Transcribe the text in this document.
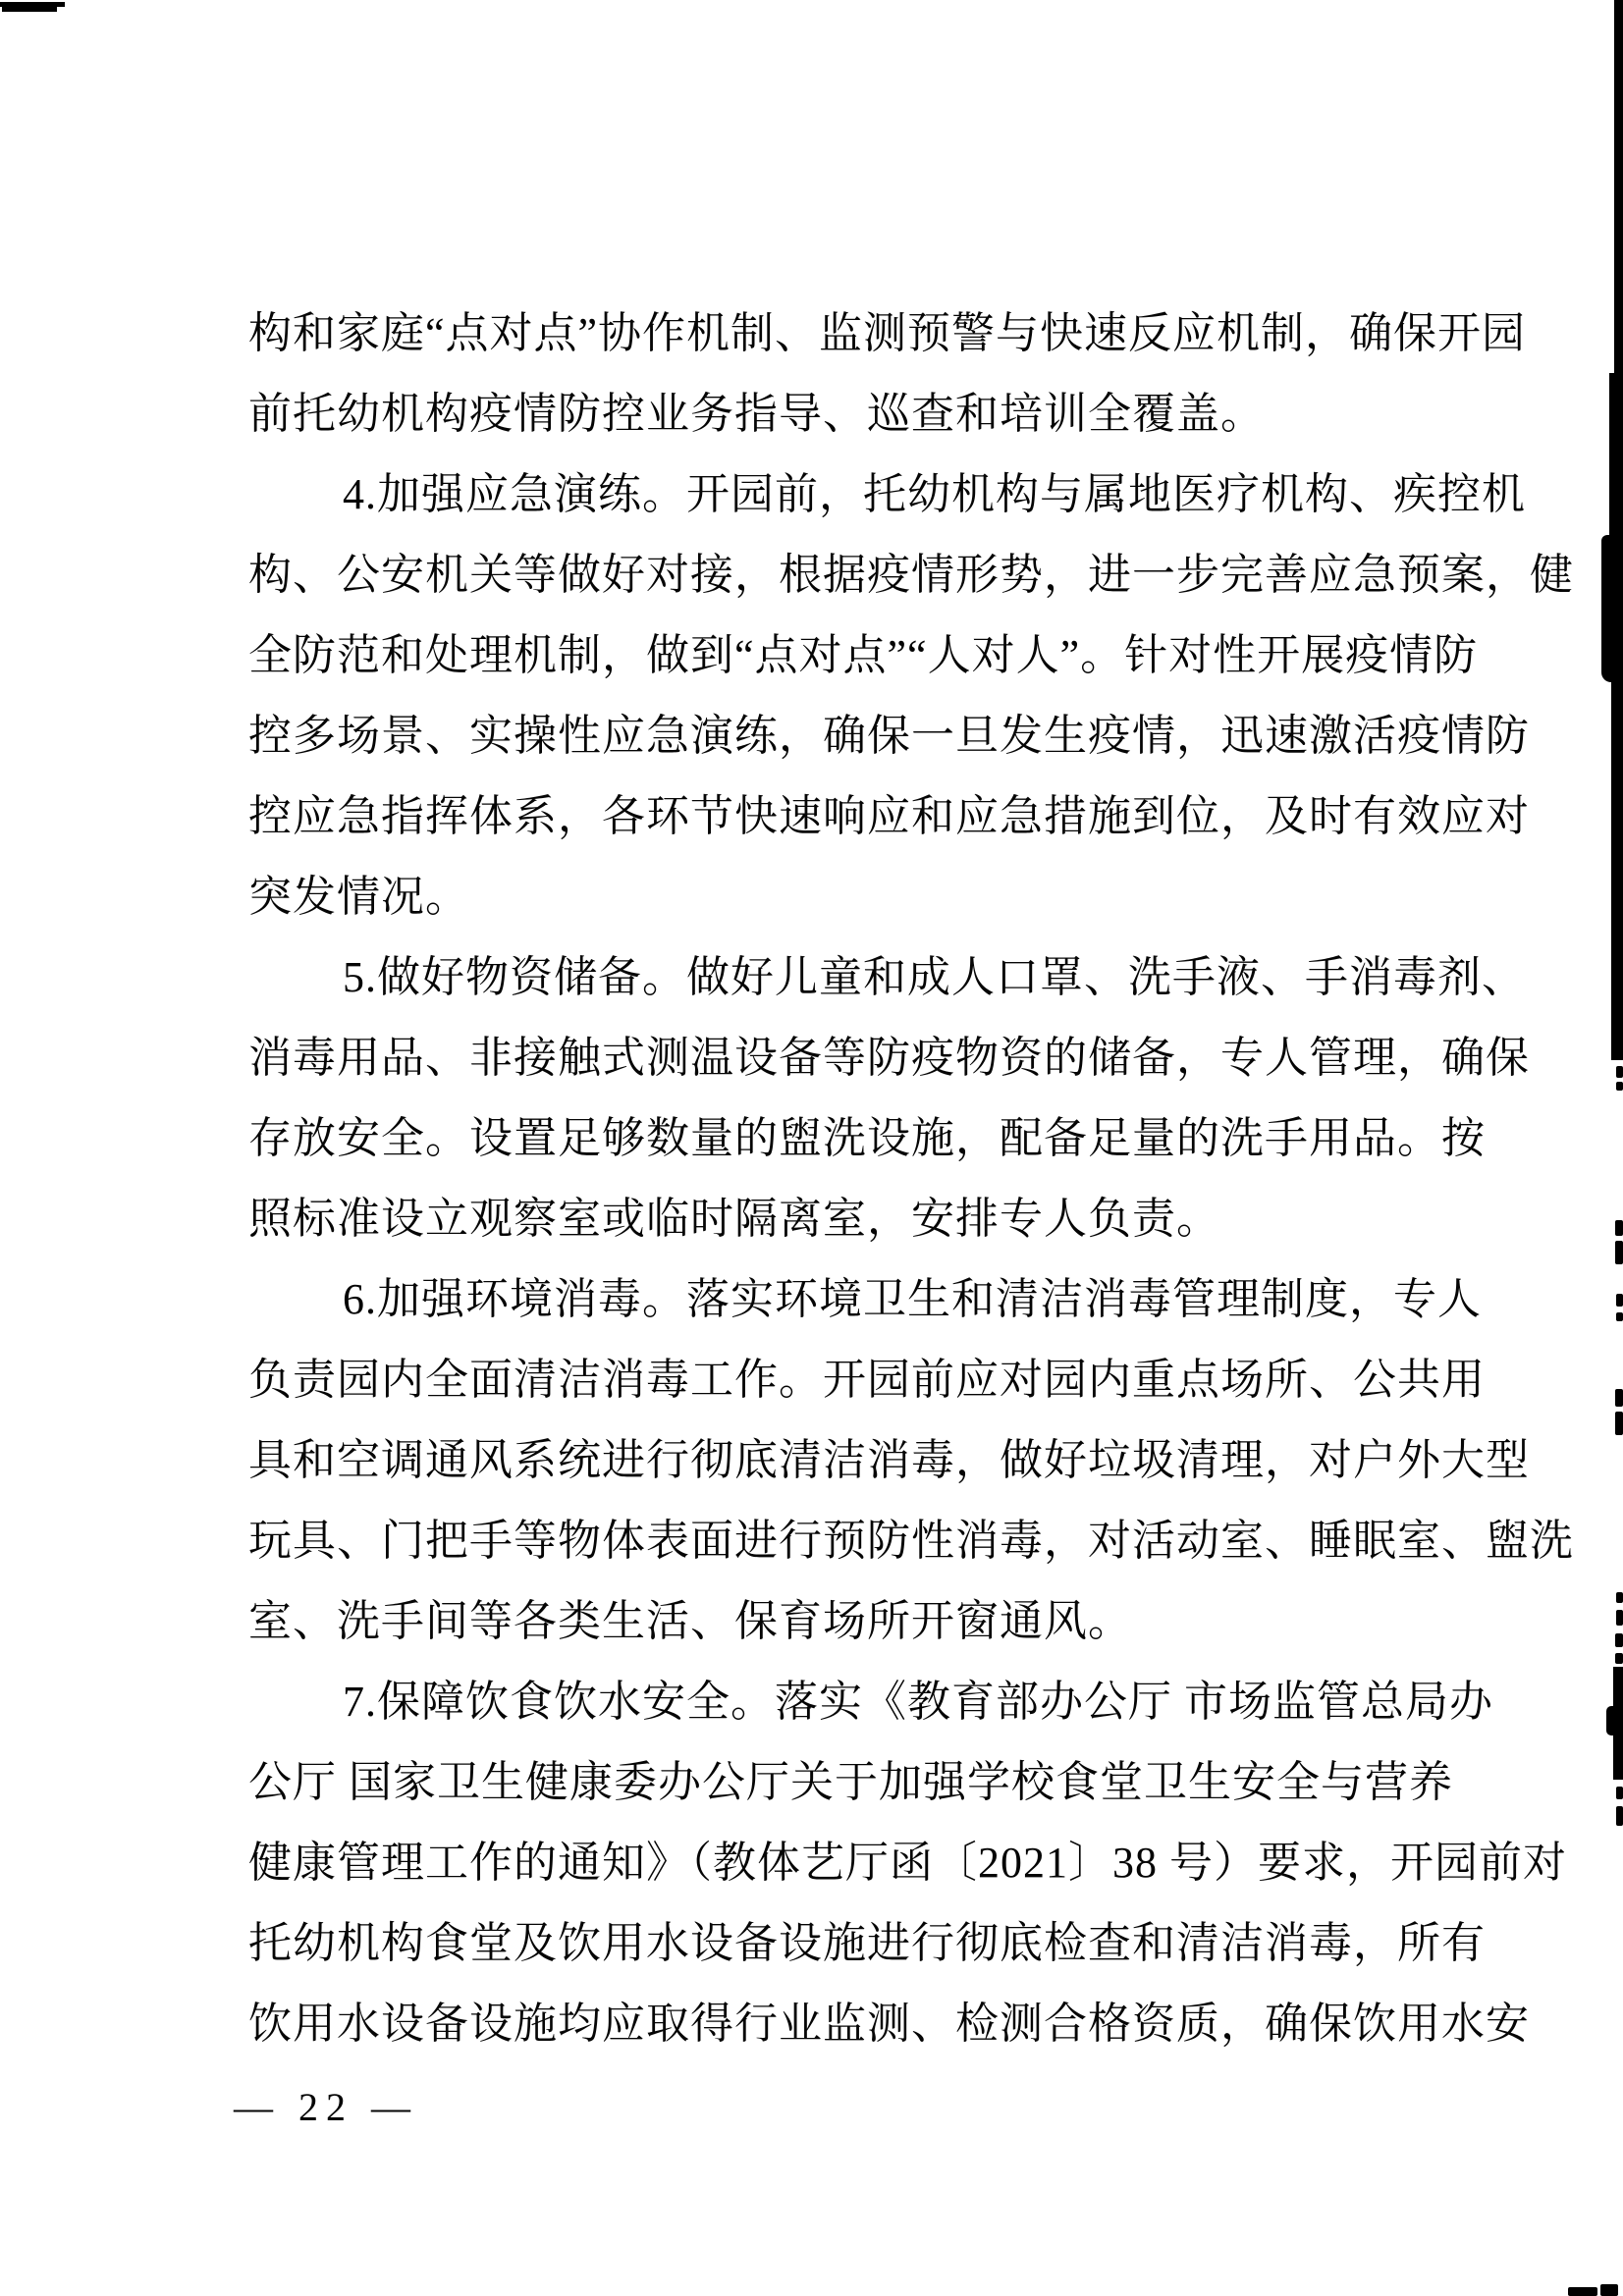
构和家庭“点对点”协作机制、监测预警与快速反应机制，确保开园
前托幼机构疫情防控业务指导、巡查和培训全覆盖。
4.加强应急演练。开园前，托幼机构与属地医疗机构、疾控机
构、公安机关等做好对接，根据疫情形势，进一步完善应急预案，健
全防范和处理机制，做到“点对点”“人对人”。针对性开展疫情防
控多场景、实操性应急演练，确保一旦发生疫情，迅速激活疫情防
控应急指挥体系，各环节快速响应和应急措施到位，及时有效应对
突发情况。
5.做好物资储备。做好儿童和成人口罩、洗手液、手消毒剂、
消毒用品、非接触式测温设备等防疫物资的储备，专人管理，确保
存放安全。设置足够数量的盥洗设施，配备足量的洗手用品。按
照标准设立观察室或临时隔离室，安排专人负责。
6.加强环境消毒。落实环境卫生和清洁消毒管理制度，专人
负责园内全面清洁消毒工作。开园前应对园内重点场所、公共用
具和空调通风系统进行彻底清洁消毒，做好垃圾清理，对户外大型
玩具、门把手等物体表面进行预防性消毒，对活动室、睡眠室、盥洗
室、洗手间等各类生活、保育场所开窗通风。
7.保障饮食饮水安全。落实《教育部办公厅 市场监管总局办
公厅 国家卫生健康委办公厅关于加强学校食堂卫生安全与营养
健康管理工作的通知》（教体艺厅函〔2021〕38 号）要求，开园前对
托幼机构食堂及饮用水设备设施进行彻底检查和清洁消毒，所有
饮用水设备设施均应取得行业监测、检测合格资质，确保饮用水安
— 22 —
